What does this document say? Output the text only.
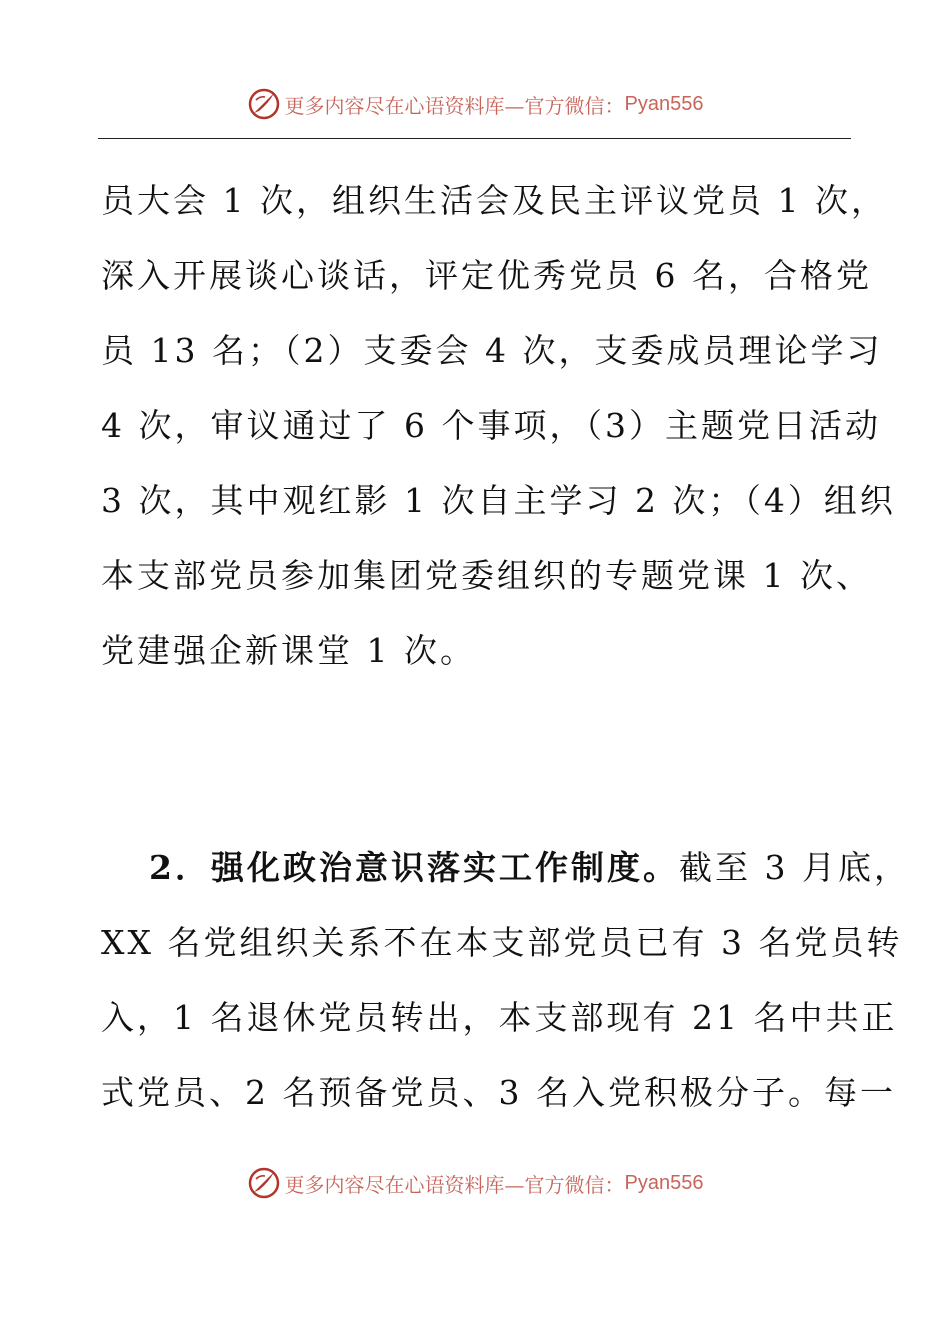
更多内容尽在心语资料库—官方微信： Pyan556
员大会 1 次，组织生活会及民主评议党员 1 次，
深入开展谈心谈话，评定优秀党员 6 名，合格党
员 13 名；（2）支委会 4 次，支委成员理论学习
4 次，审议通过了 6 个事项，（3）主题党日活动
3 次，其中观红影 1 次自主学习 2 次；（4）组织
本支部党员参加集团党委组织的专题党课 1 次、
党建强企新课堂 1 次。
2．强化政治意识落实工作制度。截至 3 月底，
XX 名党组织关系不在本支部党员已有 3 名党员转
入，1 名退休党员转出，本支部现有 21 名中共正
式党员、2 名预备党员、3 名入党积极分子。每一
更多内容尽在心语资料库—官方微信： Pyan556
